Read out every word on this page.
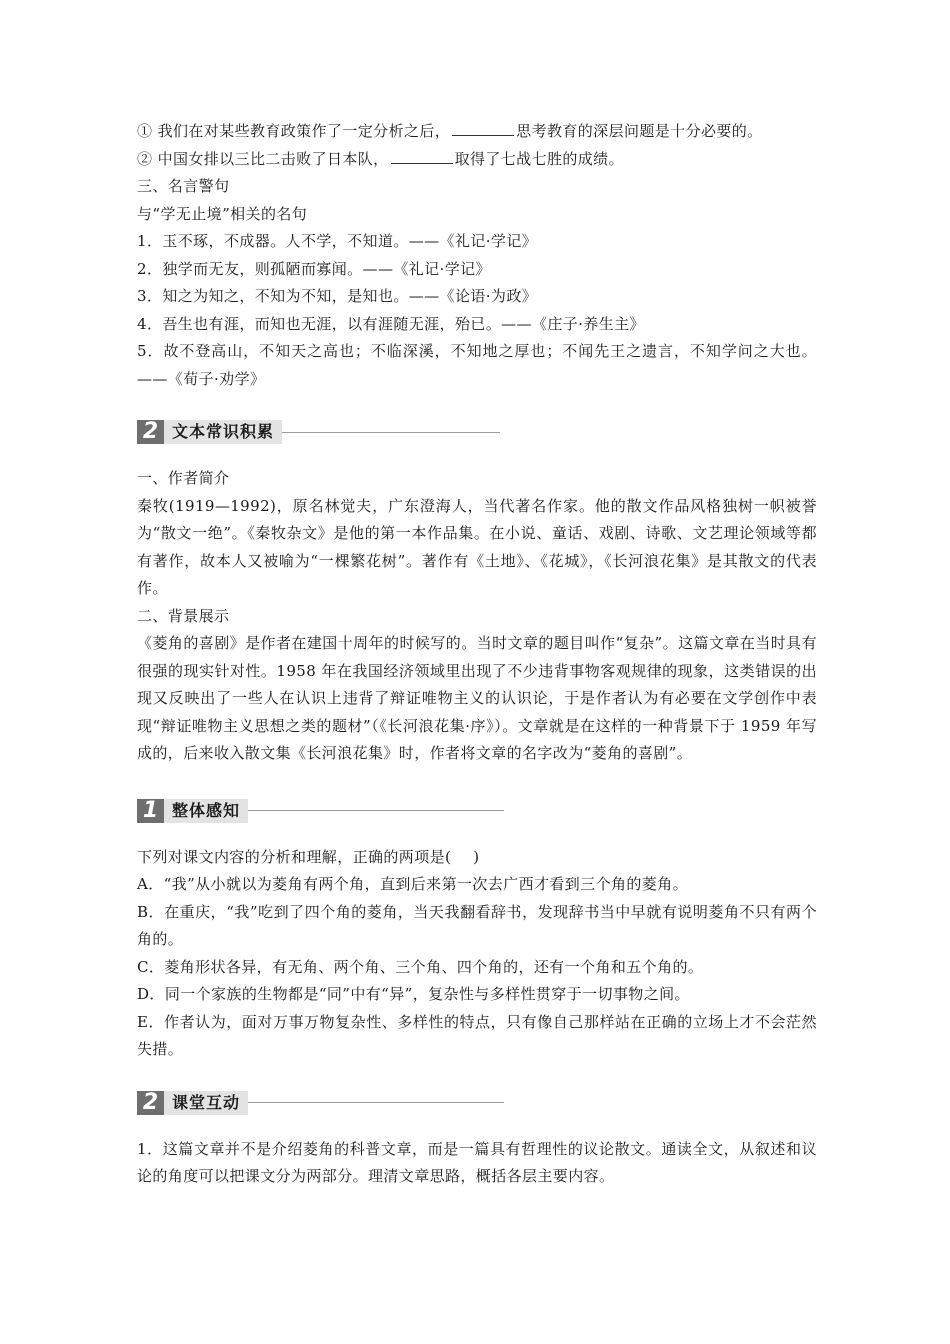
① 我们在对某些教育政策作了一定分析之后，	思考教育的深层问题是十分必要的。
② 中国女排以三比二击败了日本队，	取得了七战七胜的成绩。
三、名言警句
与“学无止境”相关的名句
1．玉不琢，不成器。人不学，不知道。——《礼记·学记》
2．独学而无友，则孤陋而寡闻。——《礼记·学记》
3．知之为知之，不知为不知，是知也。——《论语·为政》
4．吾生也有涯，而知也无涯，以有涯随无涯，殆已。——《庄子·养生主》
5．故不登高山，不知天之高也；不临深溪，不知地之厚也；不闻先王之遗言，不知学问之大也。——《荀子·劝学》
2 文本常识积累
一、作者简介
秦牧(1919—1992)，原名林觉夫，广东澄海人，当代著名作家。他的散文作品风格独树一帜被誉为“散文一绝”。《秦牧杂文》是他的第一本作品集。在小说、童话、戏剧、诗歌、文艺理论领域等都有著作，故本人又被喻为“一棵繁花树”。著作有《土地》、《花城》，《长河浪花集》是其散文的代表作。
二、背景展示
《菱角的喜剧》是作者在建国十周年的时候写的。当时文章的题目叫作“复杂”。这篇文章在当时具有很强的现实针对性。1958 年在我国经济领域里出现了不少违背事物客观规律的现象，这类错误的出现又反映出了一些人在认识上违背了辩证唯物主义的认识论，于是作者认为有必要在文学创作中表现“辩证唯物主义思想之类的题材”（《长河浪花集·序》）。文章就是在这样的一种背景下于 1959 年写成的，后来收入散文集《长河浪花集》时，作者将文章的名字改为“菱角的喜剧”。
1 整体感知
下列对课文内容的分析和理解，正确的两项是( )
A．“我”从小就以为菱角有两个角，直到后来第一次去广西才看到三个角的菱角。
B．在重庆，“我”吃到了四个角的菱角，当天我翻看辞书，发现辞书当中早就有说明菱角不只有两个角的。
C．菱角形状各异，有无角、两个角、三个角、四个角的，还有一个角和五个角的。
D．同一个家族的生物都是“同”中有“异”，复杂性与多样性贯穿于一切事物之间。
E．作者认为，面对万事万物复杂性、多样性的特点，只有像自己那样站在正确的立场上才不会茫然失措。
2 课堂互动
1．这篇文章并不是介绍菱角的科普文章，而是一篇具有哲理性的议论散文。通读全文，从叙述和议论的角度可以把课文分为两部分。理清文章思路，概括各层主要内容。
